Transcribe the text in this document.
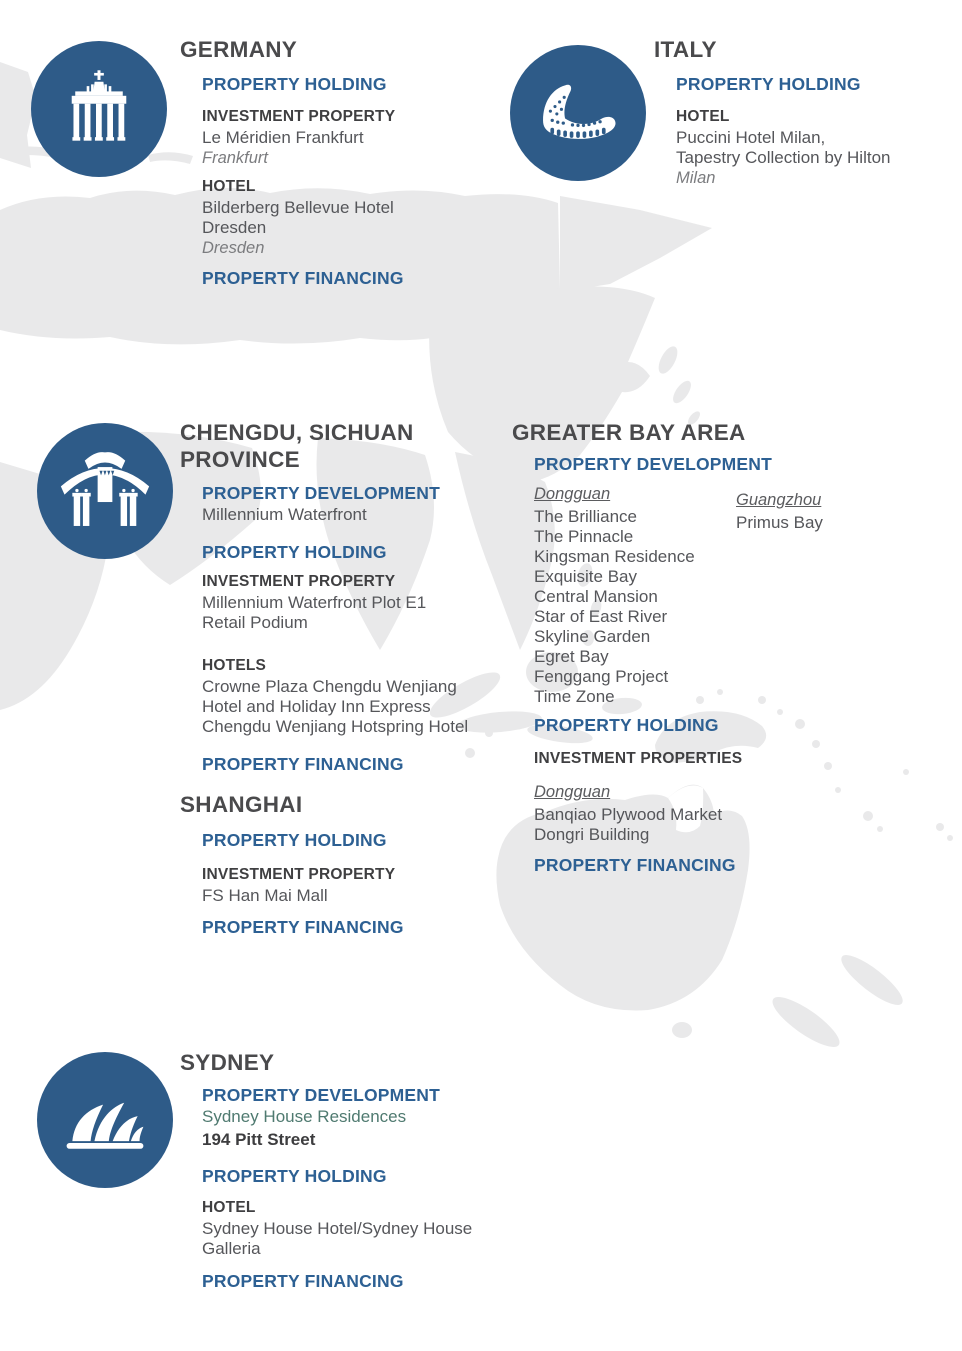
GERMANY
PROPERTY HOLDING
INVESTMENT PROPERTY
Le Méridien Frankfurt
Frankfurt
HOTEL
Bilderberg Bellevue Hotel
Dresden
Dresden
PROPERTY FINANCING
ITALY
PROPERTY HOLDING
HOTEL
Puccini Hotel Milan,
Tapestry Collection by Hilton
Milan
CHENGDU, SICHUAN PROVINCE
PROPERTY DEVELOPMENT
Millennium Waterfront
PROPERTY HOLDING
INVESTMENT PROPERTY
Millennium Waterfront Plot E1
Retail Podium
HOTELS
Crowne Plaza Chengdu Wenjiang
Hotel and Holiday Inn Express
Chengdu Wenjiang Hotspring Hotel
PROPERTY FINANCING
GREATER BAY AREA
PROPERTY DEVELOPMENT
Dongguan
The Brilliance
The Pinnacle
Kingsman Residence
Exquisite Bay
Central Mansion
Star of East River
Skyline Garden
Egret Bay
Fenggang Project
Time Zone
Guangzhou
Primus Bay
PROPERTY HOLDING
INVESTMENT PROPERTIES
Dongguan
Banqiao Plywood Market
Dongri Building
PROPERTY FINANCING
SHANGHAI
PROPERTY HOLDING
INVESTMENT PROPERTY
FS Han Mai Mall
PROPERTY FINANCING
SYDNEY
PROPERTY DEVELOPMENT
Sydney House Residences
194 Pitt Street
PROPERTY HOLDING
HOTEL
Sydney House Hotel/Sydney House
Galleria
PROPERTY FINANCING
